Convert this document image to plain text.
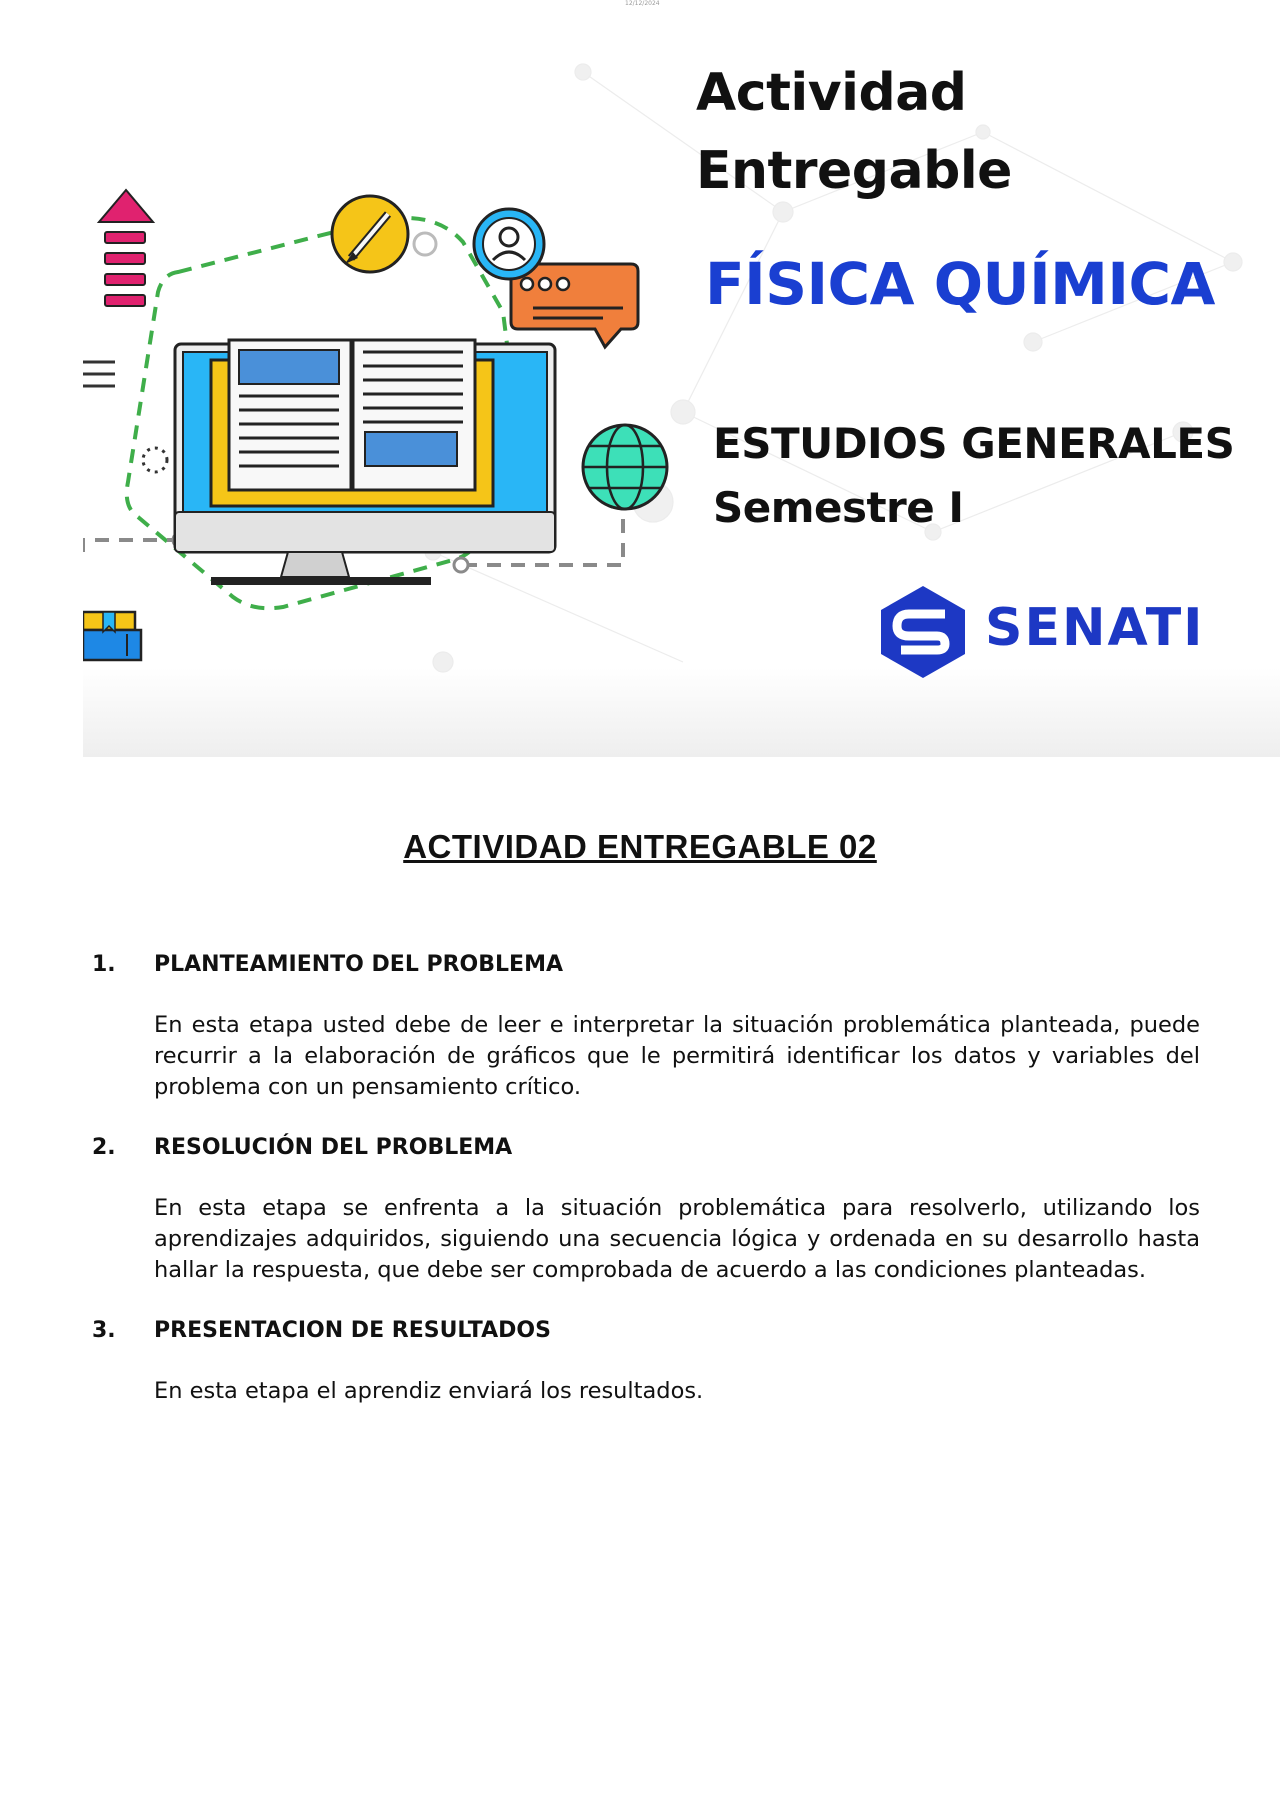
12/12/2024
Actividad
Entregable
FÍSICA QUÍMICA
ESTUDIOS GENERALES
Semestre I
SENATI
ACTIVIDAD ENTREGABLE 02
1.	PLANTEAMIENTO DEL PROBLEMA
En esta etapa usted debe de leer e interpretar la situación problemática planteada, puede recurrir a la elaboración de gráficos que le permitirá identificar los datos y variables del problema con un pensamiento crítico.
2.	RESOLUCIÓN DEL PROBLEMA
En esta etapa se enfrenta a la situación problemática para resolverlo, utilizando los aprendizajes adquiridos, siguiendo una secuencia lógica y ordenada en su desarrollo hasta hallar la respuesta, que debe ser comprobada de acuerdo a las condiciones planteadas.
3.	PRESENTACION DE RESULTADOS
En esta etapa el aprendiz enviará los resultados.
